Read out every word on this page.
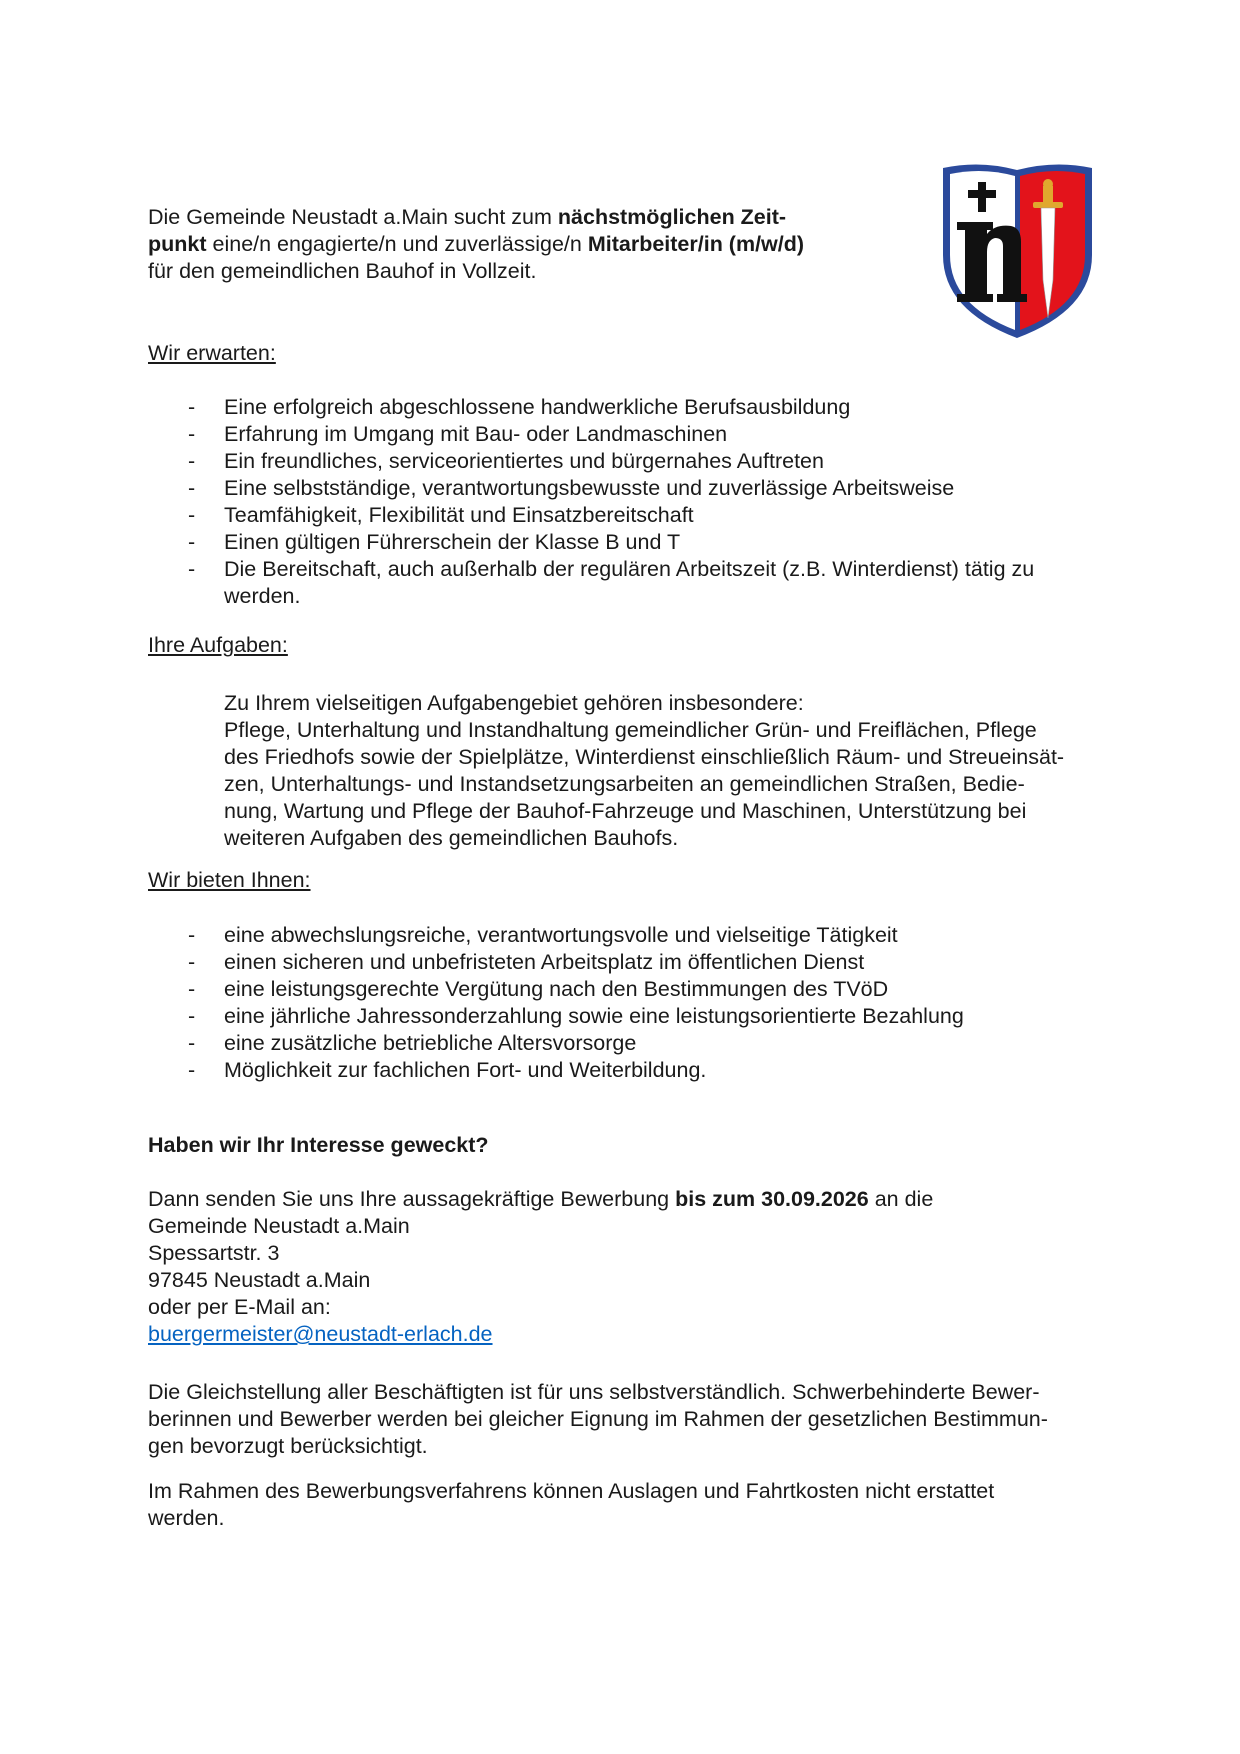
Die Gemeinde Neustadt a.Main sucht zum nächstmöglichen Zeit-
punkt eine/n engagierte/n und zuverlässige/n Mitarbeiter/in (m/w/d)
für den gemeindlichen Bauhof in Vollzeit.
Wir erwarten:
- Eine erfolgreich abgeschlossene handwerkliche Berufsausbildung
- Erfahrung im Umgang mit Bau- oder Landmaschinen
- Ein freundliches, serviceorientiertes und bürgernahes Auftreten
- Eine selbstständige, verantwortungsbewusste und zuverlässige Arbeitsweise
- Teamfähigkeit, Flexibilität und Einsatzbereitschaft
- Einen gültigen Führerschein der Klasse B und T
- Die Bereitschaft, auch außerhalb der regulären Arbeitszeit (z.B. Winterdienst) tätig zu werden.
Ihre Aufgaben:
Zu Ihrem vielseitigen Aufgabengebiet gehören insbesondere:
Pflege, Unterhaltung und Instandhaltung gemeindlicher Grün- und Freiflächen, Pflege
des Friedhofs sowie der Spielplätze, Winterdienst einschließlich Räum- und Streueinsät-
zen, Unterhaltungs- und Instandsetzungsarbeiten an gemeindlichen Straßen, Bedie-
nung, Wartung und Pflege der Bauhof-Fahrzeuge und Maschinen, Unterstützung bei
weiteren Aufgaben des gemeindlichen Bauhofs.
Wir bieten Ihnen:
- eine abwechslungsreiche, verantwortungsvolle und vielseitige Tätigkeit
- einen sicheren und unbefristeten Arbeitsplatz im öffentlichen Dienst
- eine leistungsgerechte Vergütung nach den Bestimmungen des TVöD
- eine jährliche Jahressonderzahlung sowie eine leistungsorientierte Bezahlung
- eine zusätzliche betriebliche Altersvorsorge
- Möglichkeit zur fachlichen Fort- und Weiterbildung.
Haben wir Ihr Interesse geweckt?
Dann senden Sie uns Ihre aussagekräftige Bewerbung bis zum 30.09.2026 an die
Gemeinde Neustadt a.Main
Spessartstr. 3
97845 Neustadt a.Main
oder per E-Mail an:
buergermeister@neustadt-erlach.de
Die Gleichstellung aller Beschäftigten ist für uns selbstverständlich. Schwerbehinderte Bewer-
berinnen und Bewerber werden bei gleicher Eignung im Rahmen der gesetzlichen Bestimmun-
gen bevorzugt berücksichtigt.
Im Rahmen des Bewerbungsverfahrens können Auslagen und Fahrtkosten nicht erstattet
werden.
